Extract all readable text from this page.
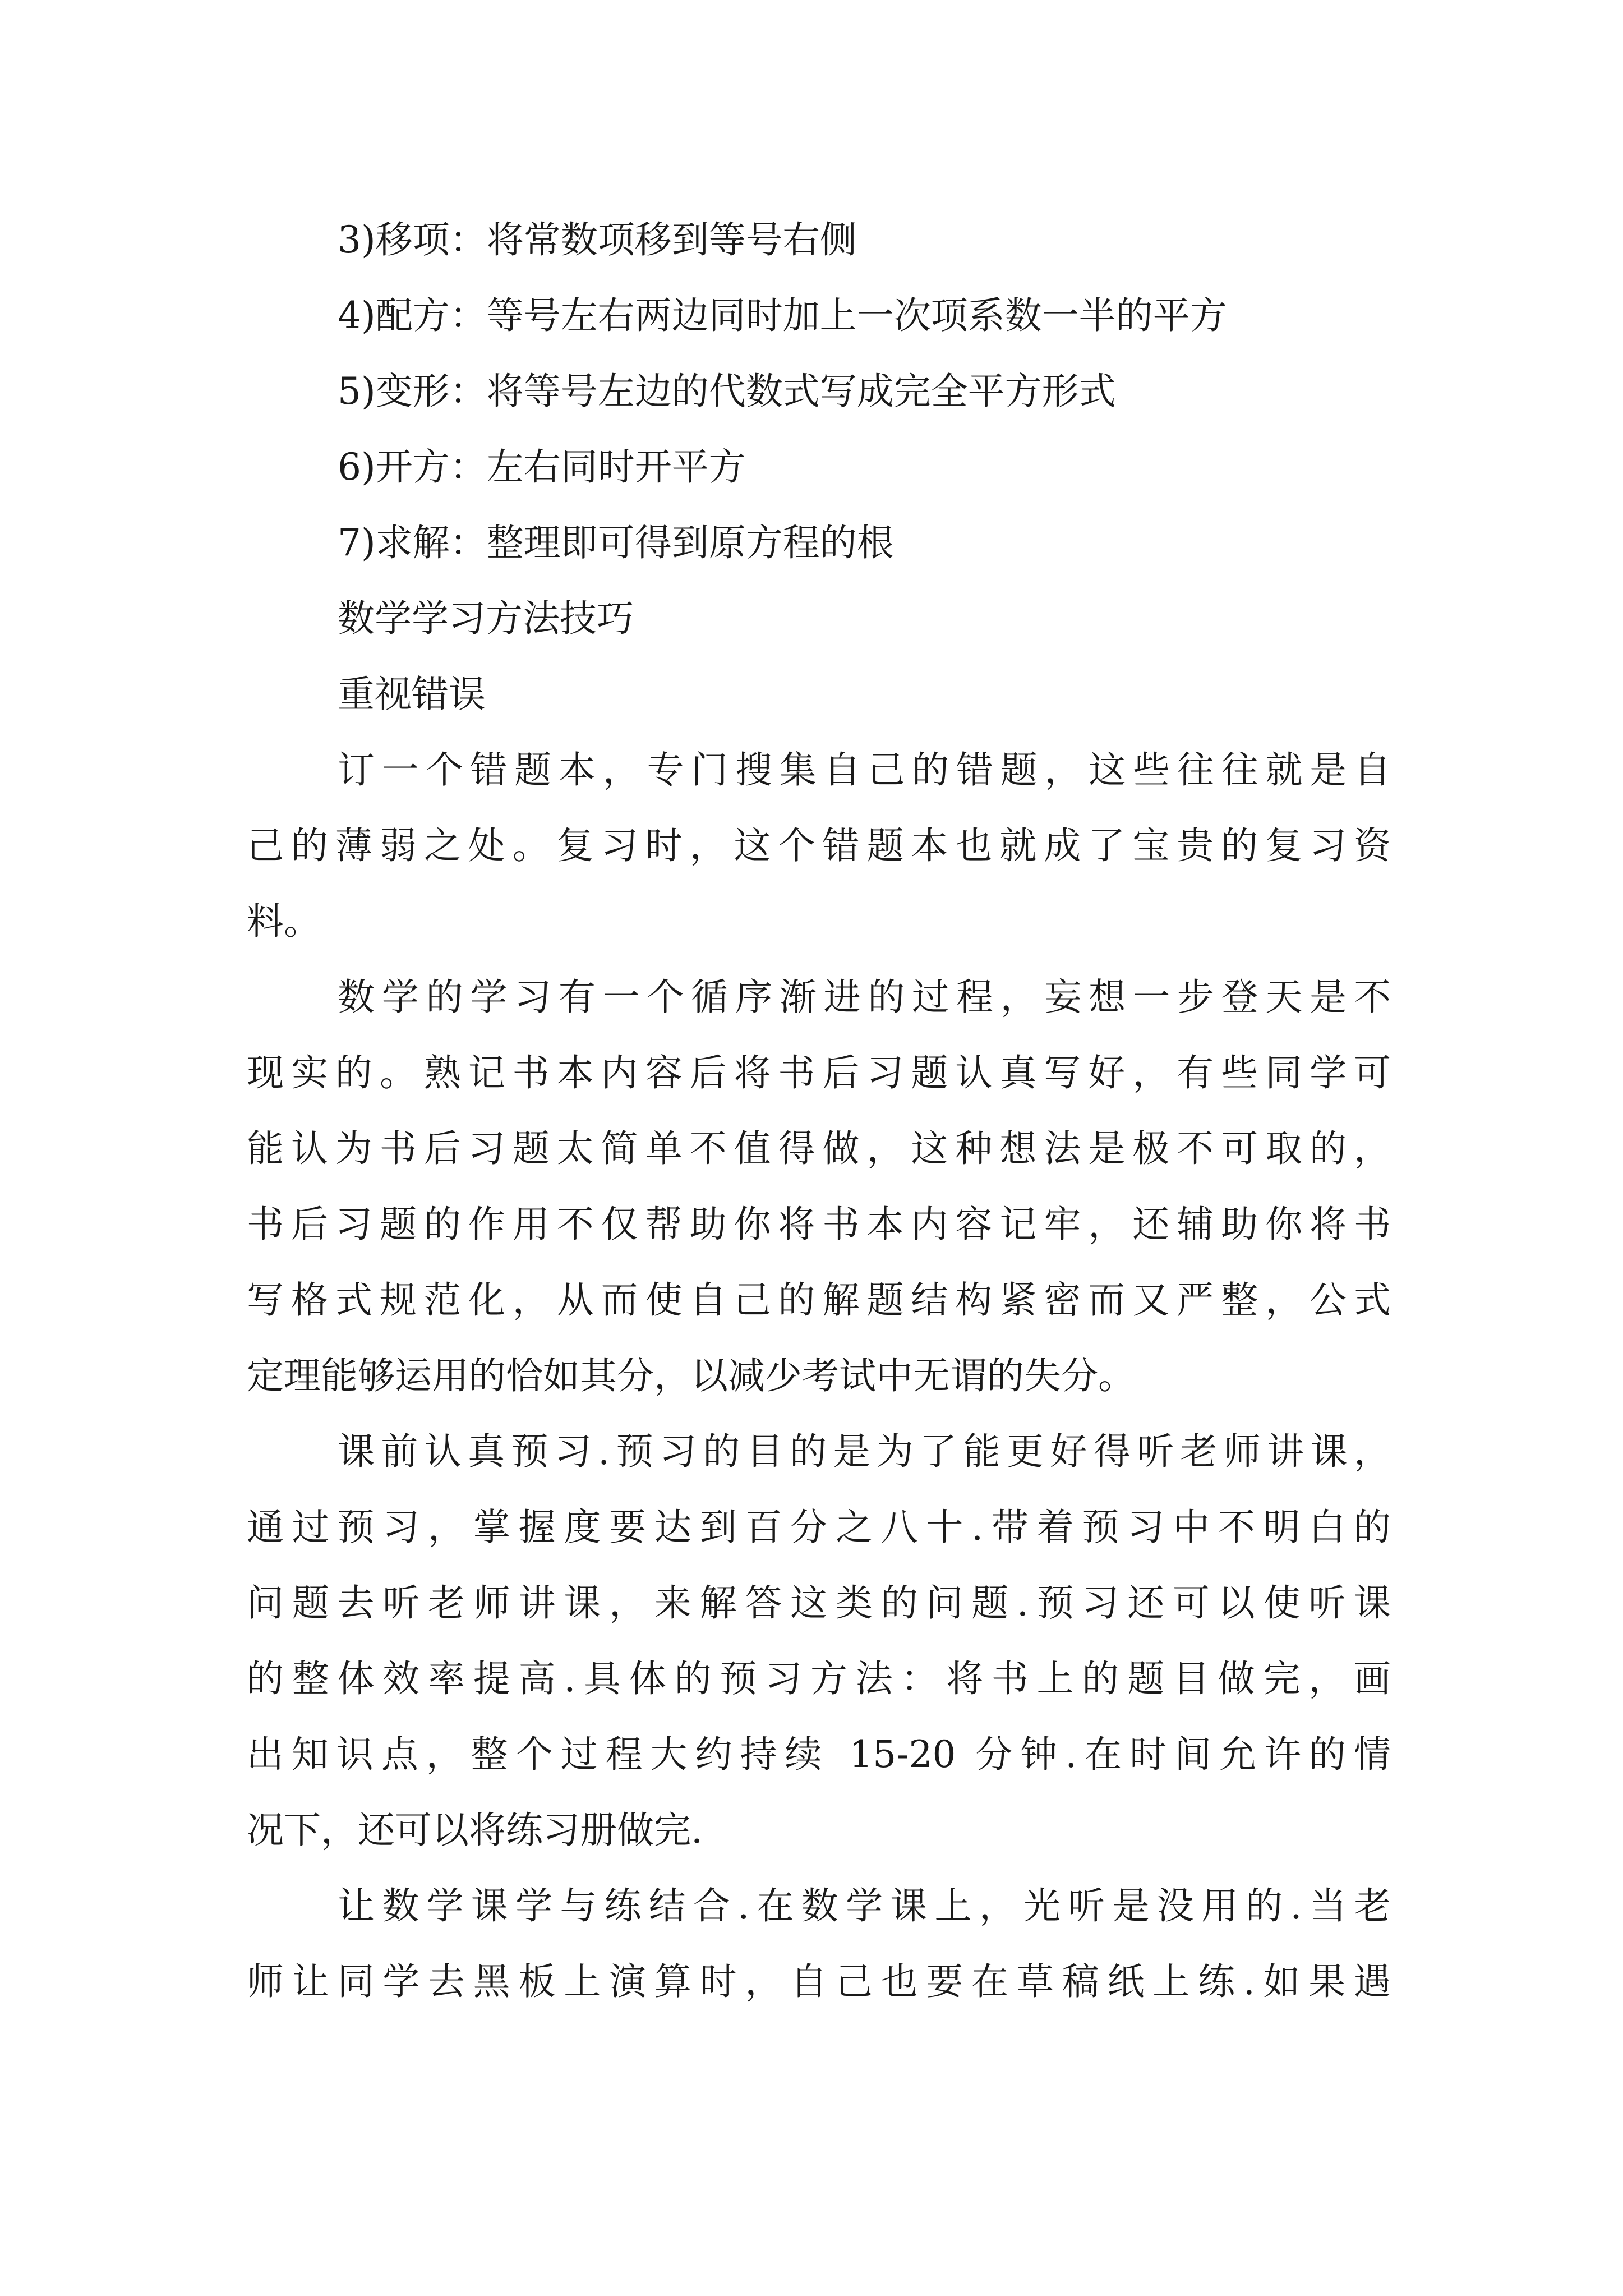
3)移项：将常数项移到等号右侧
4)配方：等号左右两边同时加上一次项系数一半的平方
5)变形：将等号左边的代数式写成完全平方形式
6)开方：左右同时开平方
7)求解：整理即可得到原方程的根
数学学习方法技巧
重视错误
订一个错题本，专门搜集自己的错题，这些往往就是自
己的薄弱之处。复习时，这个错题本也就成了宝贵的复习资
料。
数学的学习有一个循序渐进的过程，妄想一步登天是不
现实的。熟记书本内容后将书后习题认真写好，有些同学可
能认为书后习题太简单不值得做，这种想法是极不可取的，
书后习题的作用不仅帮助你将书本内容记牢，还辅助你将书
写格式规范化，从而使自己的解题结构紧密而又严整，公式
定理能够运用的恰如其分，以减少考试中无谓的失分。
课前认真预习.预习的目的是为了能更好得听老师讲课，
通过预习，掌握度要达到百分之八十.带着预习中不明白的
问题去听老师讲课，来解答这类的问题.预习还可以使听课
的整体效率提高.具体的预习方法：将书上的题目做完，画
出知识点，整个过程大约持续 15-20 分钟.在时间允许的情
况下，还可以将练习册做完.
让数学课学与练结合.在数学课上，光听是没用的.当老
师让同学去黑板上演算时，自己也要在草稿纸上练.如果遇
